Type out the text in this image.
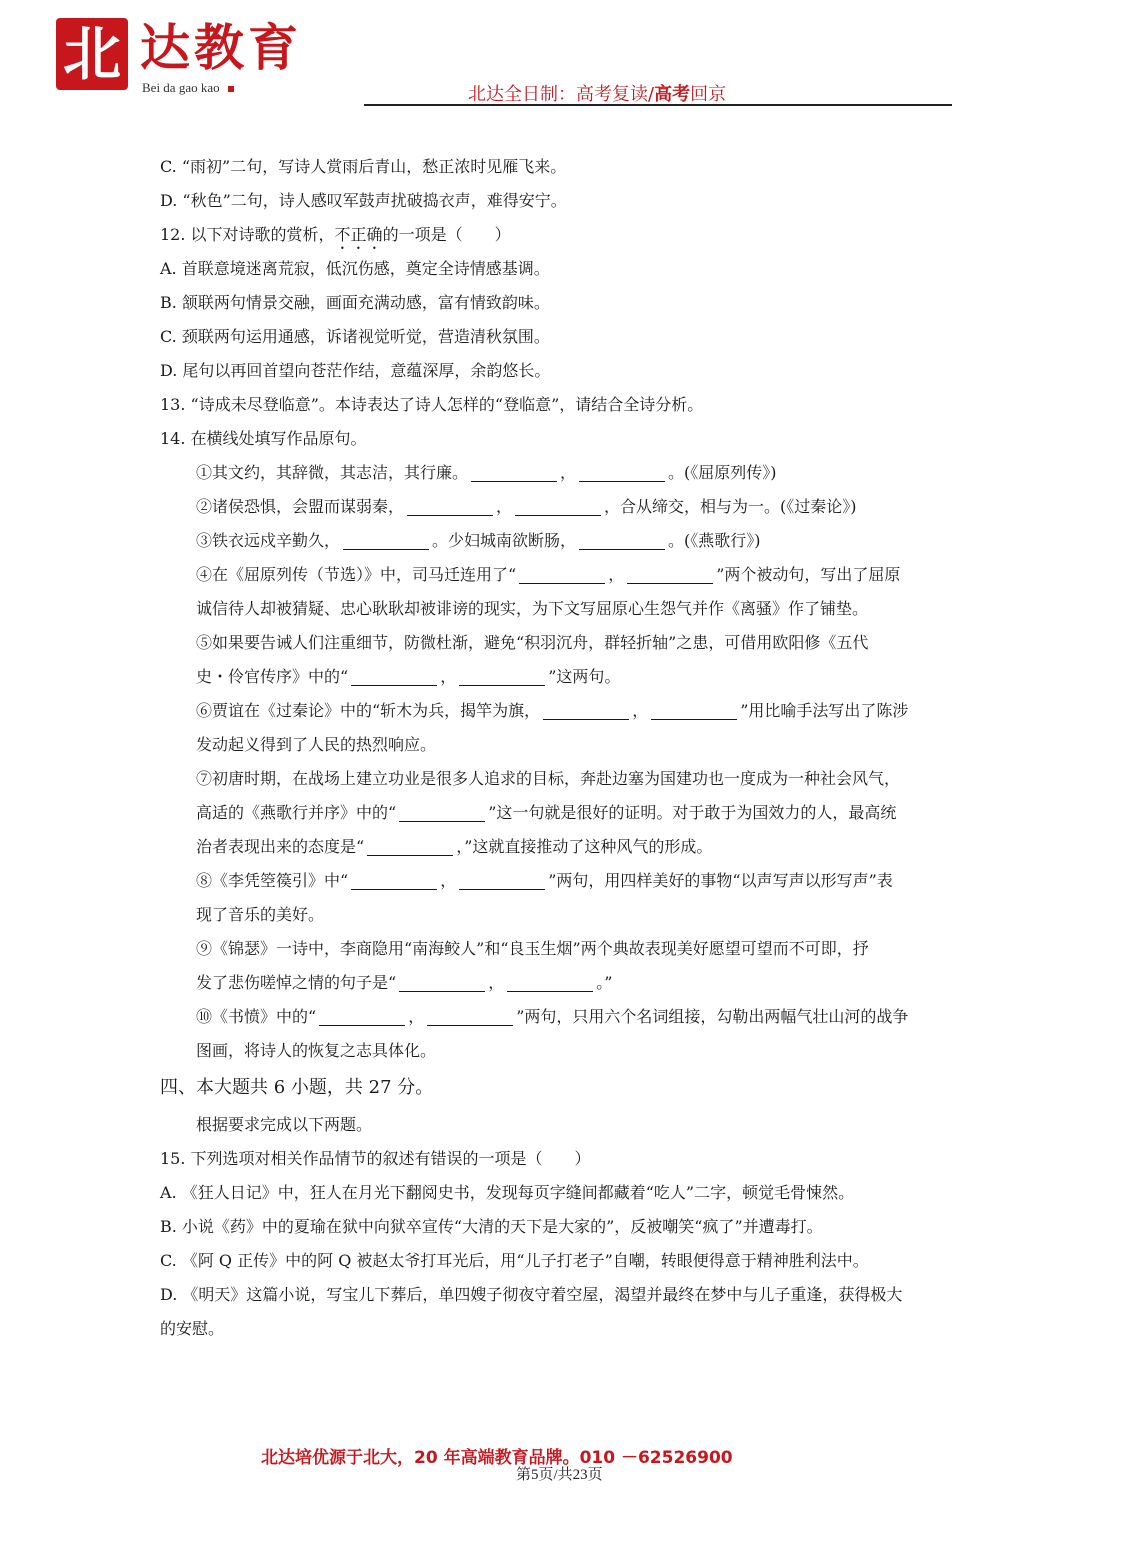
北 达教育
Bei da gao kao	北达全日制：高考复读/高考回京
C. “雨初”二句，写诗人赏雨后青山，愁正浓时见雁飞来。
D. “秋色”二句，诗人感叹军鼓声扰破捣衣声，难得安宁。
12. 以下对诗歌的赏析，不正确的一项是（　　）
A. 首联意境迷离荒寂，低沉伤感，奠定全诗情感基调。
B. 颔联两句情景交融，画面充满动感，富有情致韵味。
C. 颈联两句运用通感，诉诸视觉听觉，营造清秋氛围。
D. 尾句以再回首望向苍茫作结，意蕴深厚，余韵悠长。
13. “诗成未尽登临意”。本诗表达了诗人怎样的“登临意”，请结合全诗分析。
14. 在横线处填写作品原句。
①其文约，其辞微，其志洁，其行廉。	，	。(《屈原列传》)
②诸侯恐惧，会盟而谋弱秦，	，	，合从缔交，相与为一。(《过秦论》)
③铁衣远戍辛勤久，	。少妇城南欲断肠，	。(《燕歌行》)
④在《屈原列传（节选）》中，司马迁连用了“	，	”两个被动句，写出了屈原
诚信待人却被猜疑、忠心耿耿却被诽谤的现实，为下文写屈原心生怨气并作《离骚》作了铺垫。
⑤如果要告诫人们注重细节，防微杜渐，避免“积羽沉舟，群轻折轴”之患，可借用欧阳修《五代
史・伶官传序》中的“	，	”这两句。
⑥贾谊在《过秦论》中的“斩木为兵，揭竿为旗，	，	”用比喻手法写出了陈涉
发动起义得到了人民的热烈响应。
⑦初唐时期，在战场上建立功业是很多人追求的目标，奔赴边塞为国建功也一度成为一种社会风气，
高适的《燕歌行并序》中的“	”这一句就是很好的证明。对于敢于为国效力的人，最高统
治者表现出来的态度是“	，”这就直接推动了这种风气的形成。
⑧《李凭箜篌引》中“	，	”两句，用四样美好的事物“以声写声以形写声”表
现了音乐的美好。
⑨《锦瑟》一诗中，李商隐用“南海鲛人”和“良玉生烟”两个典故表现美好愿望可望而不可即，抒
发了悲伤嗟悼之情的句子是“	，	。”
⑩《书愤》中的“	，	”两句，只用六个名词组接，勾勒出两幅气壮山河的战争
图画，将诗人的恢复之志具体化。
四、本大题共 6 小题，共 27 分。
根据要求完成以下两题。
15. 下列选项对相关作品情节的叙述有错误的一项是（　　）
A. 《狂人日记》中，狂人在月光下翻阅史书，发现每页字缝间都藏着“吃人”二字，顿觉毛骨悚然。
B. 小说《药》中的夏瑜在狱中向狱卒宣传“大清的天下是大家的”，反被嘲笑“疯了”并遭毒打。
C. 《阿 Q 正传》中的阿 Q 被赵太爷打耳光后，用“儿子打老子”自嘲，转眼便得意于精神胜利法中。
D. 《明天》这篇小说，写宝儿下葬后，单四嫂子彻夜守着空屋，渴望并最终在梦中与儿子重逢，获得极大
的安慰。
北达培优源于北大，20 年高端教育品牌。010 －62526900
第5页/共23页
